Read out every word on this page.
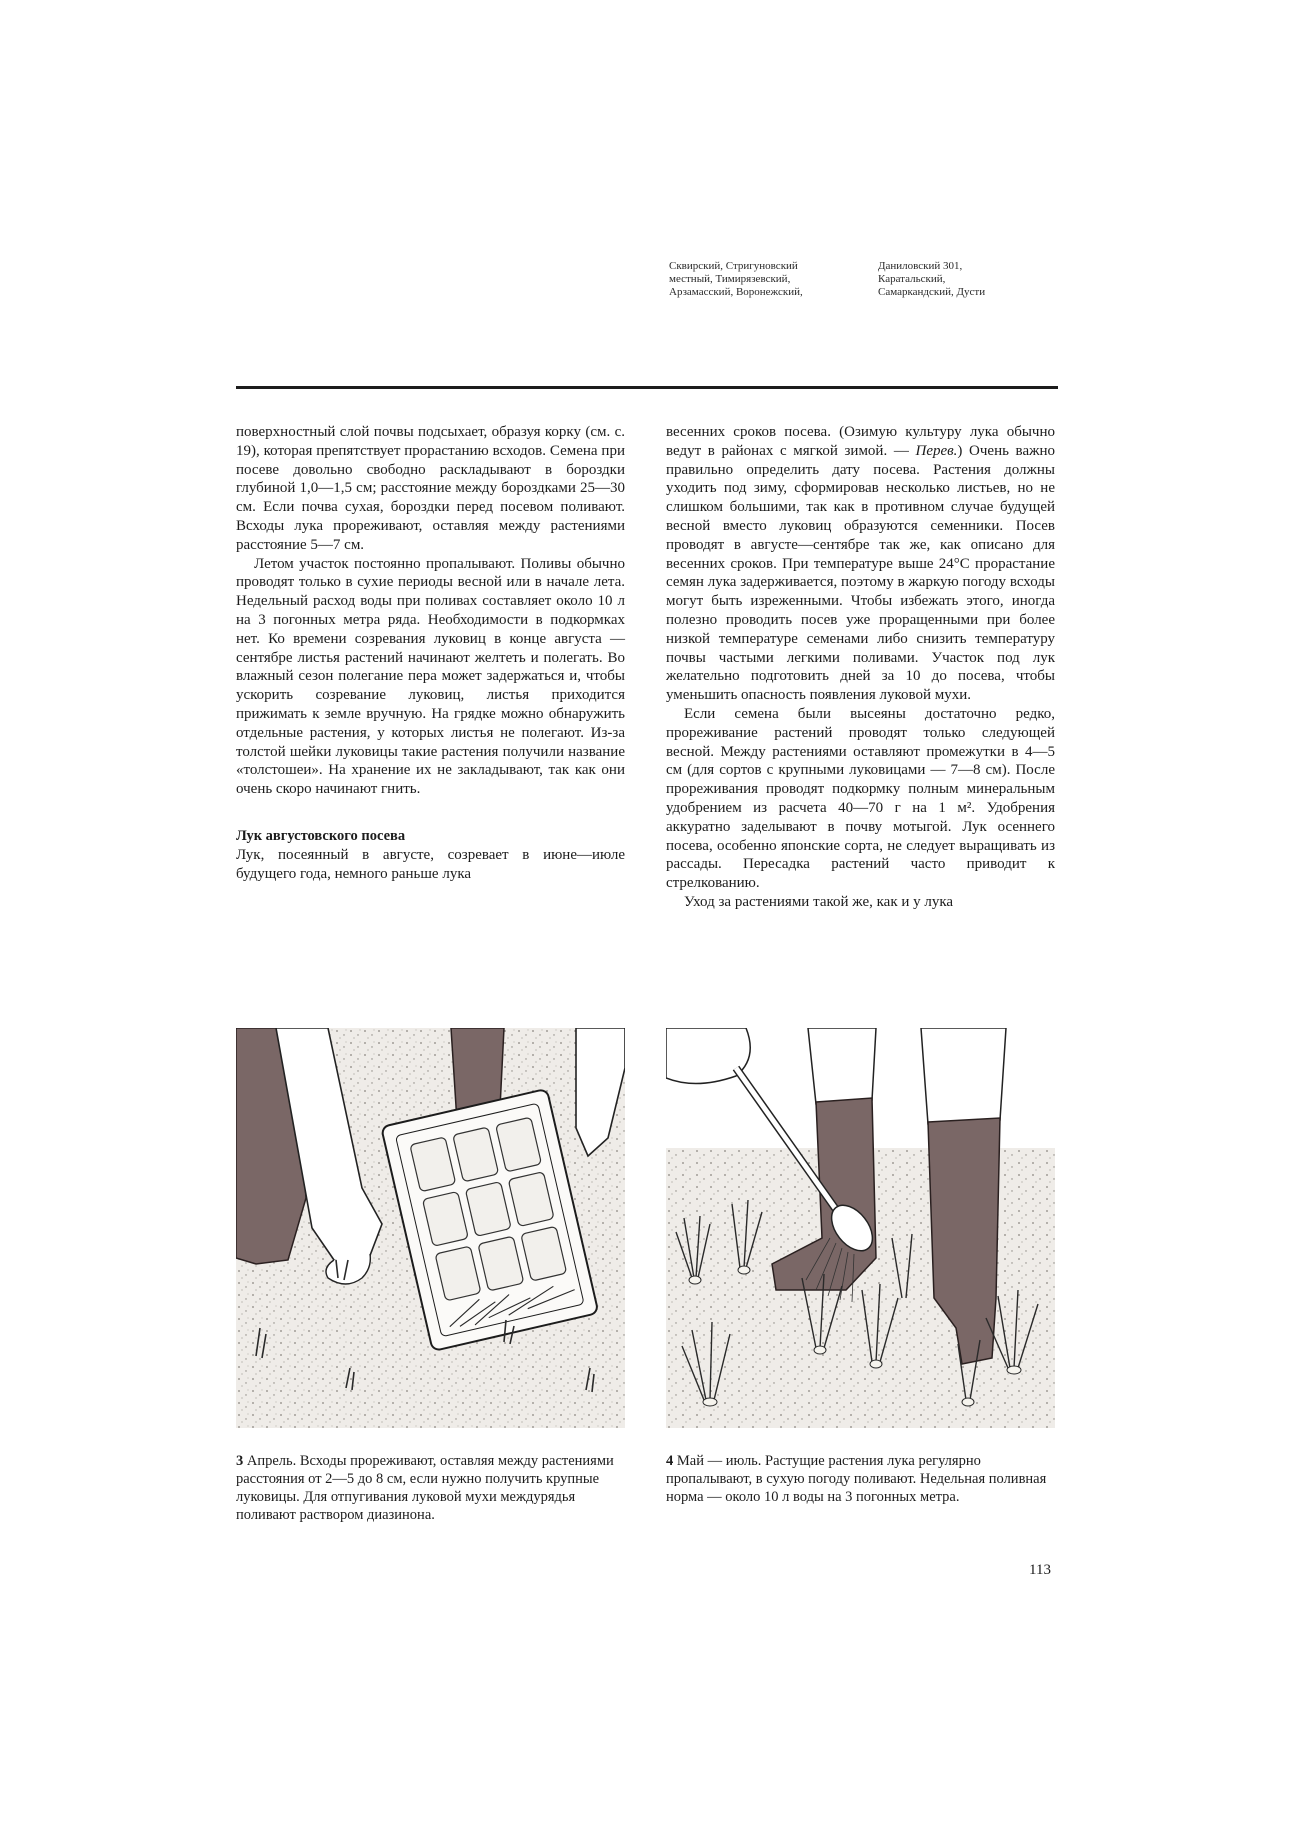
Сквирский, Стригуновский
местный, Тимирязевский,
Арзамасский, Воронежский,
Даниловский 301,
Каратальский,
Самаркандский, Дусти

поверхностный слой почвы подсыхает, образуя корку (см. с. 19), которая препятствует прорастанию всходов. Семена при посеве довольно свободно раскладывают в бороздки глубиной 1,0—1,5 см; расстояние между бороздками 25—30 см. Если почва сухая, бороздки перед посевом поливают. Всходы лука прореживают, оставляя между растениями расстояние 5—7 см.

Летом участок постоянно пропалывают. Поливы обычно проводят только в сухие периоды весной или в начале лета. Недельный расход воды при поливах составляет около 10 л на 3 погонных метра ряда. Необходимости в подкормках нет. Ко времени созревания луковиц в конце августа — сентябре листья растений начинают желтеть и полегать. Во влажный сезон полегание пера может задержаться и, чтобы ускорить созревание луковиц, листья приходится прижимать к земле вручную. На грядке можно обнаружить отдельные растения, у которых листья не полегают. Из-за толстой шейки луковицы такие растения получили название «толстошеи». На хранение их не закладывают, так как они очень скоро начинают гнить.

Лук августовского посева

Лук, посеянный в августе, созревает в июне—июле будущего года, немного раньше лука

весенних сроков посева. (Озимую культуру лука обычно ведут в районах с мягкой зимой. — Перев.) Очень важно правильно определить дату посева. Растения должны уходить под зиму, сформировав несколько листьев, но не слишком большими, так как в противном случае будущей весной вместо луковиц образуются семенники. Посев проводят в августе—сентябре так же, как описано для весенних сроков. При температуре выше 24°С прорастание семян лука задерживается, поэтому в жаркую погоду всходы могут быть изреженными. Чтобы избежать этого, иногда полезно проводить посев уже проращенными при более низкой температуре семенами либо снизить температуру почвы частыми легкими поливами. Участок под лук желательно подготовить дней за 10 до посева, чтобы уменьшить опасность появления луковой мухи.

Если семена были высеяны достаточно редко, прореживание растений проводят только следующей весной. Между растениями оставляют промежутки в 4—5 см (для сортов с крупными луковицами — 7—8 см). После прореживания проводят подкормку полным минеральным удобрением из расчета 40—70 г на 1 м². Удобрения аккуратно заделывают в почву мотыгой. Лук осеннего посева, особенно японские сорта, не следует выращивать из рассады. Пересадка растений часто приводит к стрелкованию.

Уход за растениями такой же, как и у лука

3 Апрель. Всходы прореживают, оставляя между растениями расстояния от 2—5 до 8 см, если нужно получить крупные луковицы. Для отпугивания луковой мухи междурядья поливают раствором диазинона.
4 Май — июль. Растущие растения лука регулярно пропалывают, в сухую погоду поливают. Недельная поливная норма — около 10 л воды на 3 погонных метра.
113
